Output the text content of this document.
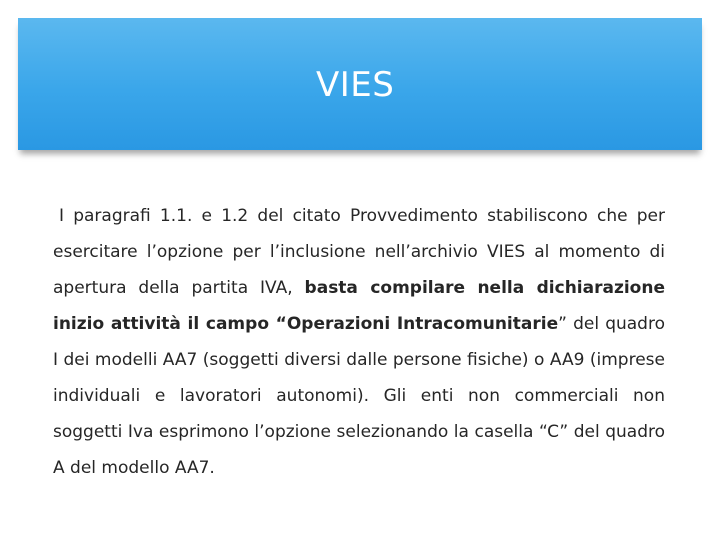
VIES
I paragrafi 1.1. e 1.2 del citato Provvedimento stabiliscono che per esercitare l’opzione per l’inclusione nell’archivio VIES al momento di apertura della partita IVA, basta compilare nella dichiarazione inizio attività il campo “Operazioni Intracomunitarie” del quadro I dei modelli AA7 (soggetti diversi dalle persone fisiche) o AA9 (imprese individuali e lavoratori autonomi). Gli enti non commerciali non soggetti Iva esprimono l’opzione selezionando la casella “C” del quadro A del modello AA7.
